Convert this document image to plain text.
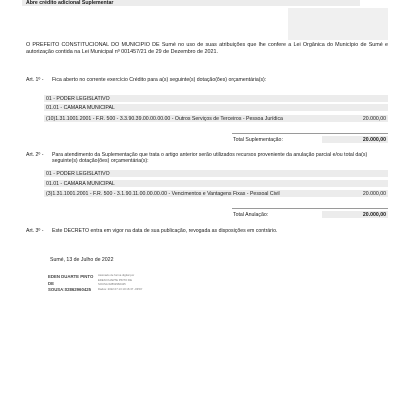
Abre crédito adicional Suplementar
O PREFEITO CONSTITUCIONAL DO MUNICIPIO DE Sumé no uso de suas atribuições que lhe confere a Lei Orgânica do Município de Sumé e autorização contida na Lei Municipal nº 001457/21 de 29 de Dezembro de 2021.
Art. 1º - Fica aberto no corrente exercício Crédito para a(s) seguinte(s) dotação(ões) orçamentária(s):
01 - PODER LEGISLATIVO
01.01 - CAMARA MUNICIPAL
(10)1.31.1001.2001 - F.R. 500 - 3.3.90.39.00.00.00.00 - Outros Serviços de Terceiros - Pessoa Jurídica	20.000,00
Total Suplementação:	20.000,00
Art. 2º - Para atendimento da Suplementação que trata o artigo anterior serão utilizados recursos proveniente da anulação parcial e/ou total da(s) seguinte(s) dotação(ões) orçamentária(s):
01 - PODER LEGISLATIVO
01.01 - CAMARA MUNICIPAL
(3)1.31.1001.2001 - F.R. 500 - 3.1.90.11.00.00.00.00 - Vencimentos e Vantagens Fixas - Pessoal Civil	20.000,00
Total Anulação:	20.000,00
Art. 3º - Este DECRETO entra em vigor na data de sua publicação, revogada as disposições em contrário.
Sumé, 13 de Julho de 2022
EDEN DUARTE PINTO
DE
SOUSA:02862960425
Assinado de forma digital por
EDEN DUARTE PINTO DE
SOUSA:02862960425
Dados: 2022.07.13 10:16:37 -03'00'
